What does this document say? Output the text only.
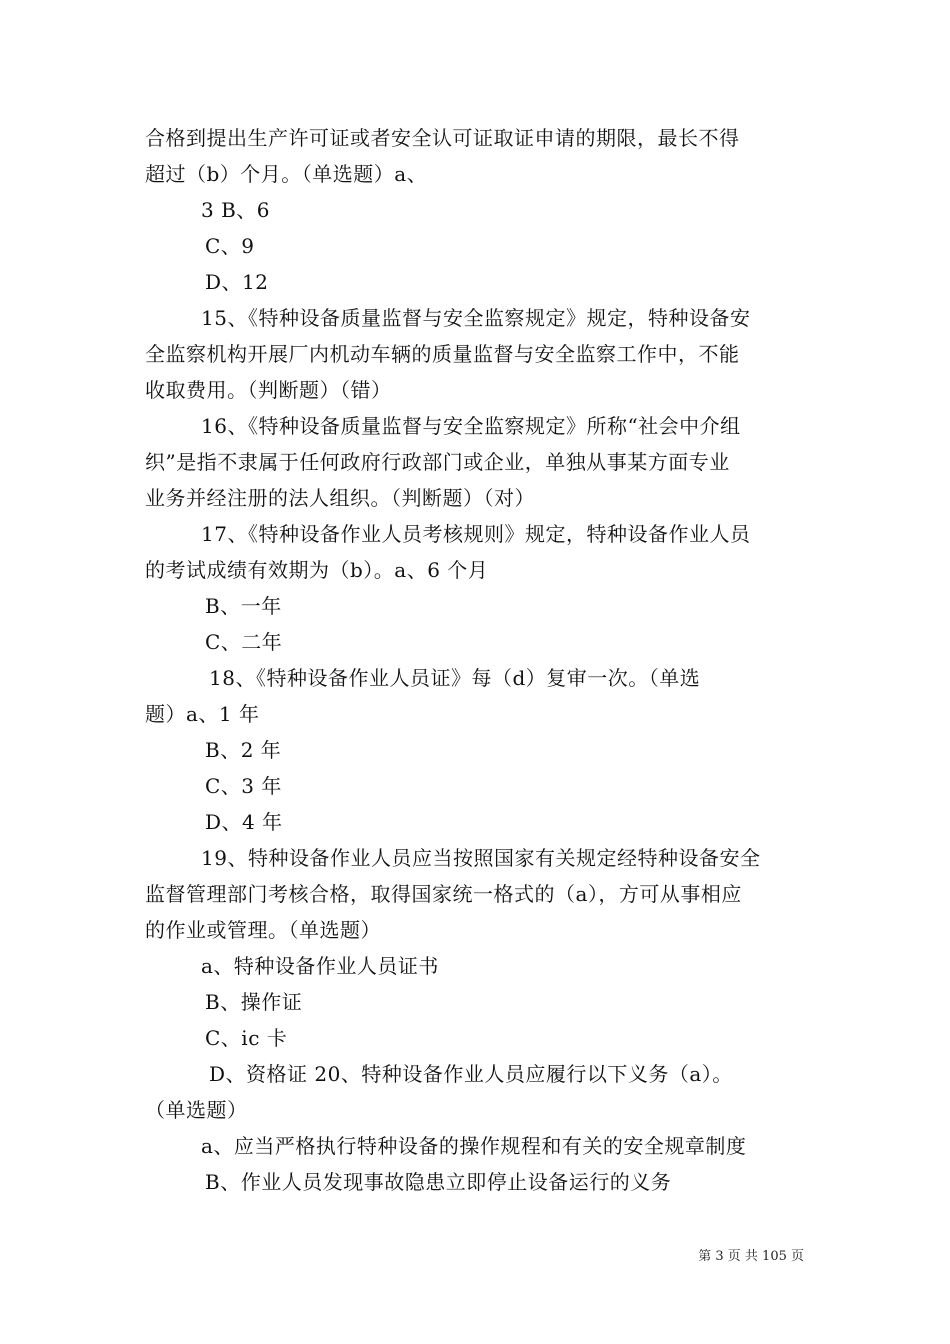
合格到提出生产许可证或者安全认可证取证申请的期限，最长不得
超过（b）个月。（单选题）a、
3 B、6
C、9
D、12
15、《特种设备质量监督与安全监察规定》规定，特种设备安
全监察机构开展厂内机动车辆的质量监督与安全监察工作中，不能
收取费用。（判断题）（错）
16、《特种设备质量监督与安全监察规定》所称“社会中介组
织”是指不隶属于任何政府行政部门或企业，单独从事某方面专业
业务并经注册的法人组织。（判断题）（对）
17、《特种设备作业人员考核规则》规定，特种设备作业人员
的考试成绩有效期为（b）。a、6 个月
B、一年
C、二年
18、《特种设备作业人员证》每（d）复审一次。（单选
题）a、1 年
B、2 年
C、3 年
D、4 年
19、特种设备作业人员应当按照国家有关规定经特种设备安全
监督管理部门考核合格，取得国家统一格式的（a），方可从事相应
的作业或管理。（单选题）
a、特种设备作业人员证书
B、操作证
C、ic 卡
D、资格证 20、特种设备作业人员应履行以下义务（a）。
（单选题）
a、应当严格执行特种设备的操作规程和有关的安全规章制度
B、作业人员发现事故隐患立即停止设备运行的义务
第 3 页 共 105 页
